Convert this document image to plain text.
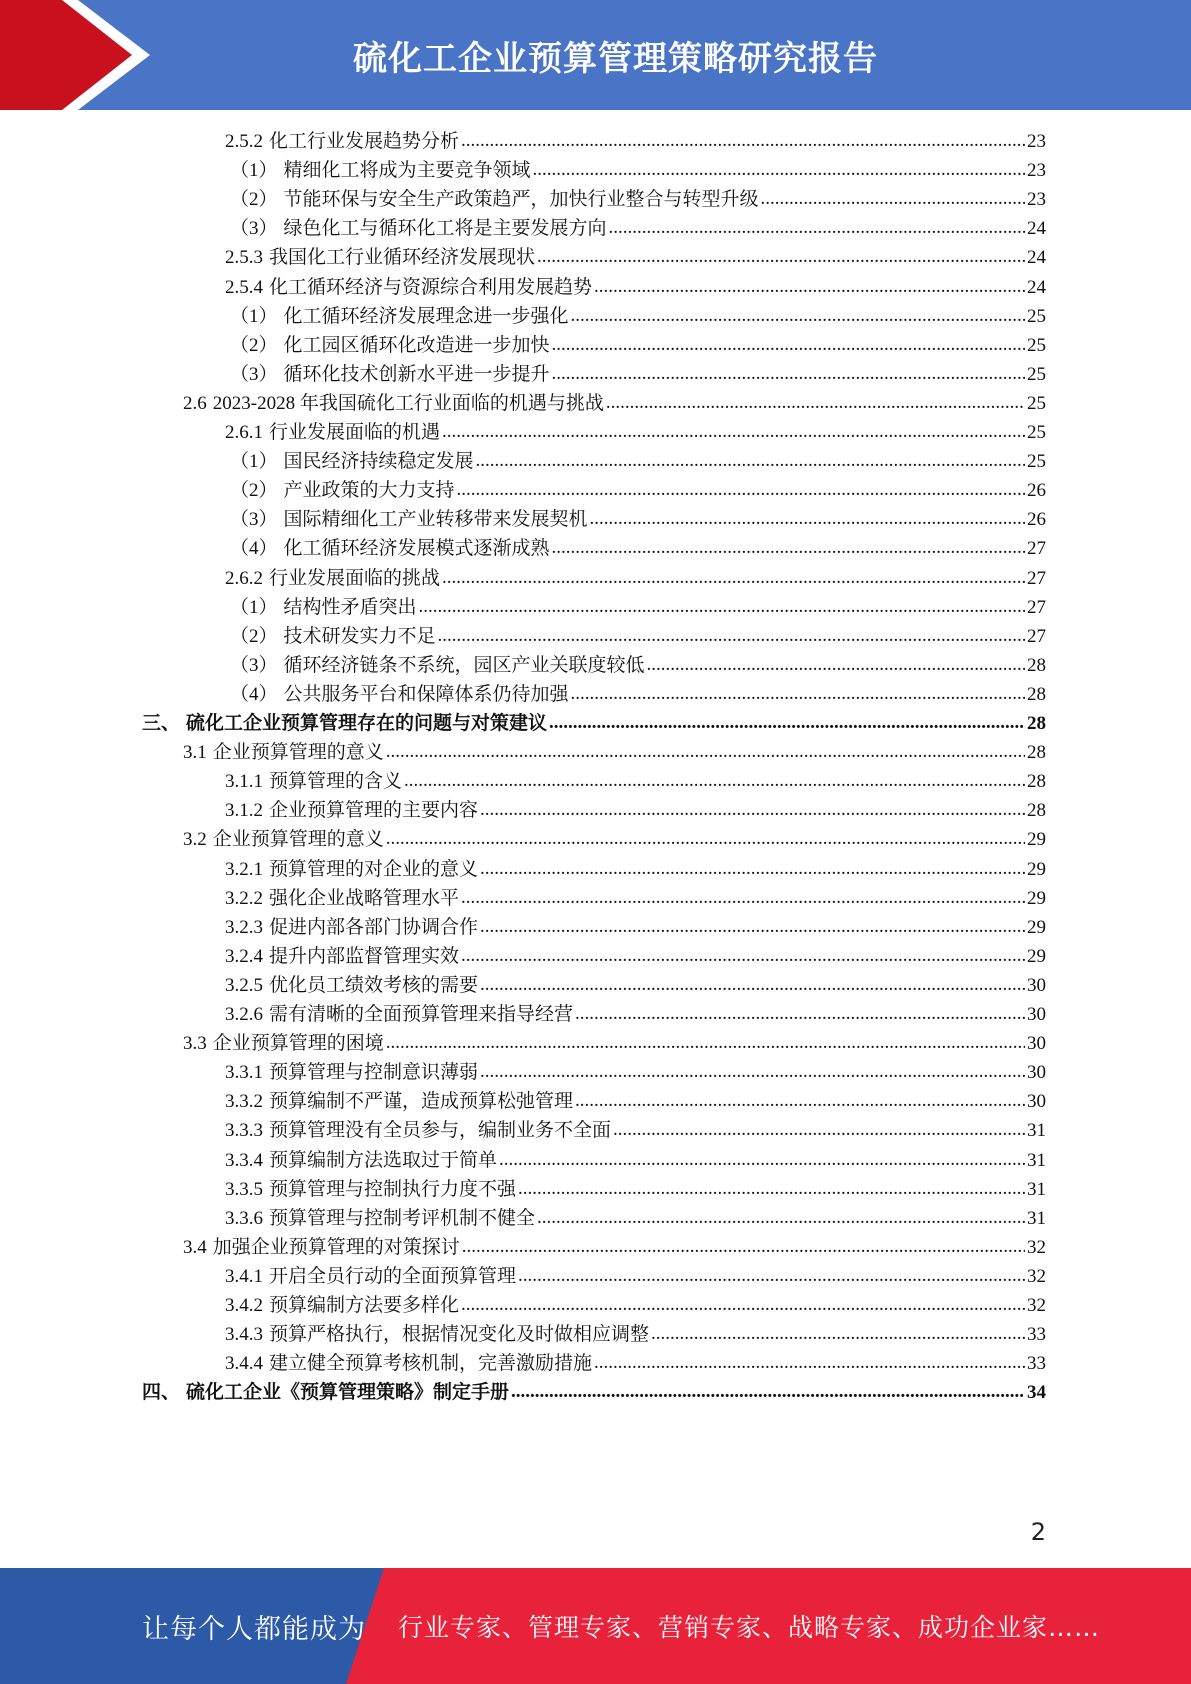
硫化工企业预算管理策略研究报告
2.5.2 化工行业发展趋势分析 .....	23
（1） 精细化工将成为主要竞争领域 .....	23
（2） 节能环保与安全生产政策趋严，加快行业整合与转型升级 .....	23
（3） 绿色化工与循环化工将是主要发展方向 .....	24
2.5.3 我国化工行业循环经济发展现状 .....	24
2.5.4 化工循环经济与资源综合利用发展趋势 .....	24
（1） 化工循环经济发展理念进一步强化 .....	25
（2） 化工园区循环化改造进一步加快 .....	25
（3） 循环化技术创新水平进一步提升 .....	25
2.6 2023-2028 年我国硫化工行业面临的机遇与挑战 .....	25
2.6.1 行业发展面临的机遇 .....	25
（1） 国民经济持续稳定发展 .....	25
（2） 产业政策的大力支持 .....	26
（3） 国际精细化工产业转移带来发展契机 .....	26
（4） 化工循环经济发展模式逐渐成熟 .....	27
2.6.2 行业发展面临的挑战 .....	27
（1） 结构性矛盾突出 .....	27
（2） 技术研发实力不足 .....	27
（3） 循环经济链条不系统，园区产业关联度较低 .....	28
（4） 公共服务平台和保障体系仍待加强 .....	28
三、 硫化工企业预算管理存在的问题与对策建议 .....	28
3.1 企业预算管理的意义 .....	28
3.1.1 预算管理的含义 .....	28
3.1.2 企业预算管理的主要内容 .....	28
3.2 企业预算管理的意义 .....	29
3.2.1 预算管理的对企业的意义 .....	29
3.2.2 强化企业战略管理水平 .....	29
3.2.3 促进内部各部门协调合作 .....	29
3.2.4 提升内部监督管理实效 .....	29
3.2.5 优化员工绩效考核的需要 .....	30
3.2.6 需有清晰的全面预算管理来指导经营 .....	30
3.3 企业预算管理的困境 .....	30
3.3.1 预算管理与控制意识薄弱 .....	30
3.3.2 预算编制不严谨，造成预算松弛管理 .....	30
3.3.3 预算管理没有全员参与，编制业务不全面 .....	31
3.3.4 预算编制方法选取过于简单 .....	31
3.3.5 预算管理与控制执行力度不强 .....	31
3.3.6 预算管理与控制考评机制不健全 .....	31
3.4 加强企业预算管理的对策探讨 .....	32
3.4.1 开启全员行动的全面预算管理 .....	32
3.4.2 预算编制方法要多样化 .....	32
3.4.3 预算严格执行，根据情况变化及时做相应调整 .....	33
3.4.4 建立健全预算考核机制，完善激励措施 .....	33
四、 硫化工企业《预算管理策略》制定手册 .....	34
2
让每个人都能成为 行业专家、管理专家、营销专家、战略专家、成功企业家……
